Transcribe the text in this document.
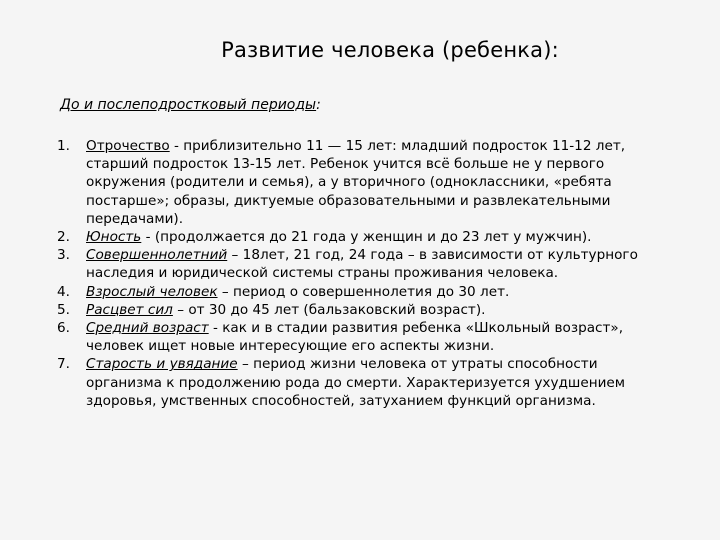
Развитие человека (ребенка):
До и послеподростковый периоды:
1. Отрочество - приблизительно 11 — 15 лет: младший подросток 11-12 лет, старший подросток 13-15 лет. Ребенок учится всё больше не у первого окружения (родители и семья), а у вторичного (одноклассники, «ребята постарше»; образы, диктуемые образовательными и развлекательными передачами).
2. Юность - (продолжается до 21 года у женщин и до 23 лет у мужчин).
3. Совершеннолетний – 18лет, 21 год, 24 года – в зависимости от культурного наследия и юридической системы страны проживания человека.
4. Взрослый человек – период о совершеннолетия до 30 лет.
5. Расцвет сил – от 30 до 45 лет (бальзаковский возраст).
6. Средний возраст - как и в стадии развития ребенка «Школьный возраст», человек ищет новые интересующие его аспекты жизни.
7. Старость и увядание – период жизни человека от утраты способности организма к продолжению рода до смерти. Характеризуется ухудшением здоровья, умственных способностей, затуханием функций организма.
